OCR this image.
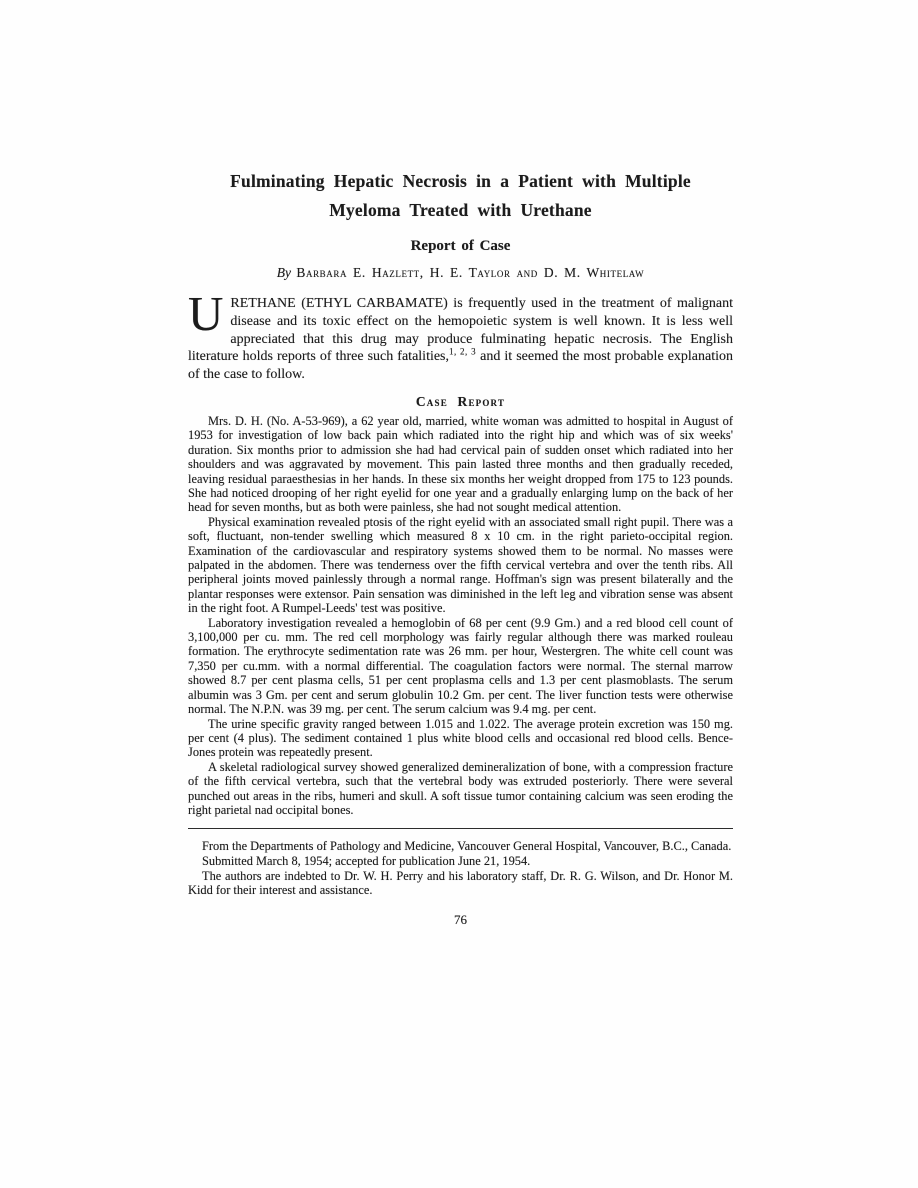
Fulminating Hepatic Necrosis in a Patient with Multiple
Myeloma Treated with Urethane
Report of Case
By Barbara E. Hazlett, H. E. Taylor and D. M. Whitelaw

URETHANE (ETHYL CARBAMATE) is frequently used in the treatment of malignant disease and its toxic effect on the hemopoietic system is well known. It is less well appreciated that this drug may produce fulminating hepatic necrosis. The English literature holds reports of three such fatalities,$^{1, 2, 3}$ and it seemed the most probable explanation of the case to follow.

Case Report

Mrs. D. H. (No. A-53-969), a 62 year old, married, white woman was admitted to hospital in August of 1953 for investigation of low back pain which radiated into the right hip and which was of six weeks' duration. Six months prior to admission she had had cervical pain of sudden onset which radiated into her shoulders and was aggravated by movement. This pain lasted three months and then gradually receded, leaving residual paraesthesias in her hands. In these six months her weight dropped from 175 to 123 pounds. She had noticed drooping of her right eyelid for one year and a gradually enlarging lump on the back of her head for seven months, but as both were painless, she had not sought medical attention.

Physical examination revealed ptosis of the right eyelid with an associated small right pupil. There was a soft, fluctuant, non-tender swelling which measured 8 x 10 cm. in the right parieto-occipital region. Examination of the cardiovascular and respiratory systems showed them to be normal. No masses were palpated in the abdomen. There was tenderness over the fifth cervical vertebra and over the tenth ribs. All peripheral joints moved painlessly through a normal range. Hoffman's sign was present bilaterally and the plantar responses were extensor. Pain sensation was diminished in the left leg and vibration sense was absent in the right foot. A Rumpel-Leeds' test was positive.

Laboratory investigation revealed a hemoglobin of 68 per cent (9.9 Gm.) and a red blood cell count of 3,100,000 per cu. mm. The red cell morphology was fairly regular although there was marked rouleau formation. The erythrocyte sedimentation rate was 26 mm. per hour, Westergren. The white cell count was 7,350 per cu.mm. with a normal differential. The coagulation factors were normal. The sternal marrow showed 8.7 per cent plasma cells, 51 per cent proplasma cells and 1.3 per cent plasmoblasts. The serum albumin was 3 Gm. per cent and serum globulin 10.2 Gm. per cent. The liver function tests were otherwise normal. The N.P.N. was 39 mg. per cent. The serum calcium was 9.4 mg. per cent.

The urine specific gravity ranged between 1.015 and 1.022. The average protein excretion was 150 mg. per cent (4 plus). The sediment contained 1 plus white blood cells and occasional red blood cells. Bence-Jones protein was repeatedly present.

A skeletal radiological survey showed generalized demineralization of bone, with a compression fracture of the fifth cervical vertebra, such that the vertebral body was extruded posteriorly. There were several punched out areas in the ribs, humeri and skull. A soft tissue tumor containing calcium was seen eroding the right parietal nad occipital bones.

From the Departments of Pathology and Medicine, Vancouver General Hospital, Vancouver, B.C., Canada.

Submitted March 8, 1954; accepted for publication June 21, 1954.

The authors are indebted to Dr. W. H. Perry and his laboratory staff, Dr. R. G. Wilson, and Dr. Honor M. Kidd for their interest and assistance.

76
